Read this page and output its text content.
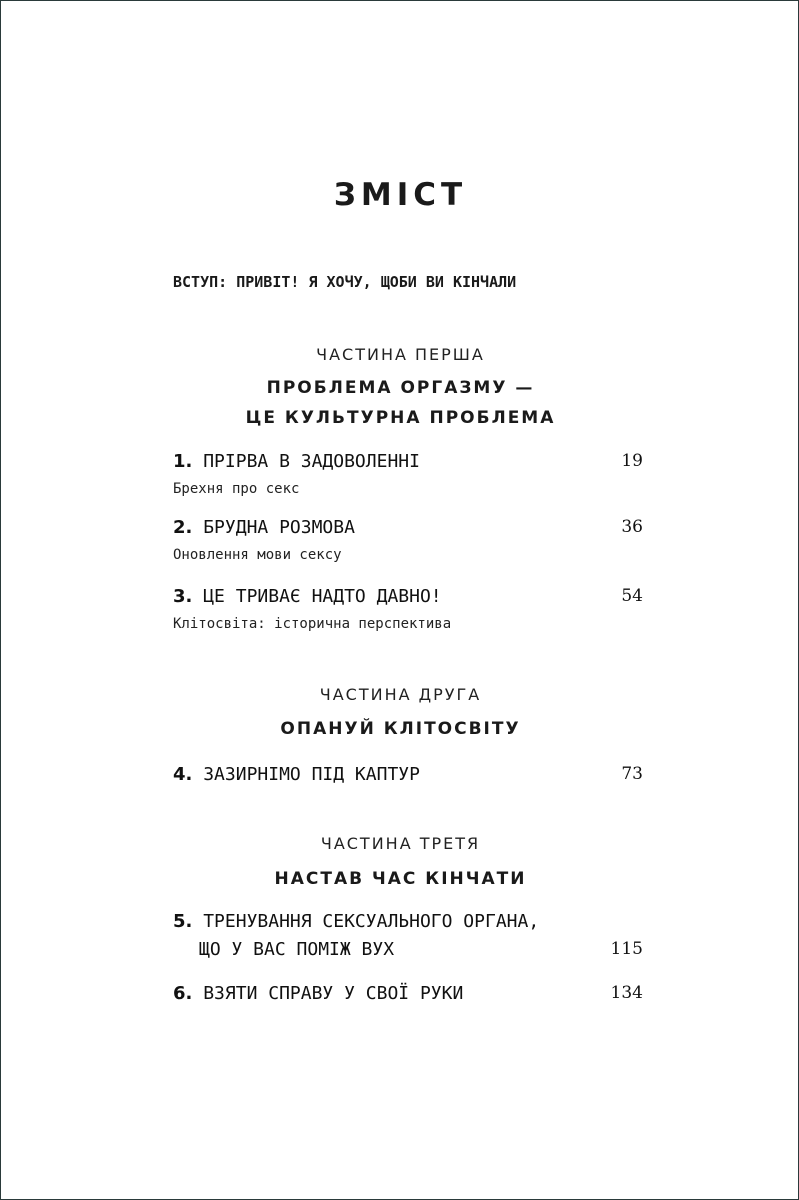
ЗМІСТ
ВСТУП: ПРИВІТ! Я ХОЧУ, ЩОБИ ВИ КІНЧАЛИ
ЧАСТИНА ПЕРША
ПРОБЛЕМА ОРГАЗМУ —
ЦЕ КУЛЬТУРНА ПРОБЛЕМА
1. ПРІРВА В ЗАДОВОЛЕННІ	19
Брехня про секс
2. БРУДНА РОЗМОВА	36
Оновлення мови сексу
3. ЦЕ ТРИВАЄ НАДТО ДАВНО!	54
Клітосвіта: історична перспектива
ЧАСТИНА ДРУГА
ОПАНУЙ КЛІТОСВІТУ
4. ЗАЗИРНІМО ПІД КАПТУР	73
ЧАСТИНА ТРЕТЯ
НАСТАВ ЧАС КІНЧАТИ
5. ТРЕНУВАННЯ СЕКСУАЛЬНОГО ОРГАНА,
ЩО У ВАС ПОМІЖ ВУХ	115
6. ВЗЯТИ СПРАВУ У СВОЇ РУКИ	134
